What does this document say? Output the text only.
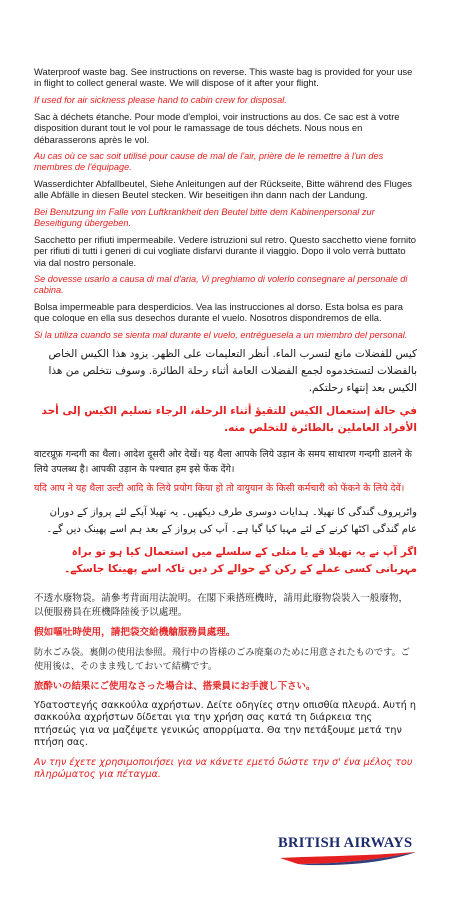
Waterproof waste bag. See instructions on reverse. This waste bag is provided for your use in flight to collect general waste. We will dispose of it after your flight.

If used for air sickness please hand to cabin crew for disposal.

Sac à déchets étanche. Pour mode d'emploi, voir instructions au dos. Ce sac est à votre disposition durant tout le vol pour le ramassage de tous déchets. Nous nous en débarasserons après le vol.

Au cas où ce sac soit utilisé pour cause de mal de l'air, prière de le remettre à l'un des membres de l'équipage.

Wasserdichter Abfallbeutel, Siehe Anleitungen auf der Rückseite, Bitte während des Fluges alle Abfälle in diesen Beutel stecken. Wir beseitigen ihn dann nach der Landung.

Bei Benutzung im Falle von Luftkrankheit den Beutel bitte dem Kabinenpersonal zur Beseitigung übergeben.

Sacchetto per rifiuti impermeabile. Vedere istruzioni sul retro. Questo sacchetto viene fornito per rifiuti di tutti i generi di cui vogliate disfarvi durante il viaggio. Dopo il volo verrà buttato via dal nostro personale.

Se dovesse usarlo a causa di mal d'aria, Vi preghiamo di volerlo consegnare al personale di cabina.

Bolsa impermeable para desperdicios. Vea las instrucciones al dorso. Esta bolsa es para que coloque en ella sus desechos durante el vuelo. Nosotros dispondremos de ella.

Si la utiliza cuando se sienta mal durante el vuelo, entréguesela a un miembro del personal.

كيس للفضلات مانع لتسرب الماء. أنظر التعليمات على الظهر. يزود هذا الكيس الخاص بالفضلات لتستخدموه لجمع الفضلات العامة أثناء رحلة الطائرة. وسوف نتخلص من هذا الكيس بعد إنتهاء رحلتكم.

في حالة إستعمال الكيس للتقيؤ أثناء الرحلة، الرجاء تسليم الكيس إلى أحد الأفراد العاملين بالطائرة للتخلص منه.

वाटरप्रूफ़ गन्दगी का थैला। आदेश दूसरी ओर देखें। यह थैला आपके लिये उड़ान के समय साधारण गन्दगी डालने के लिये उपलब्ध है। आपकी उड़ान के पश्चात हम इसे फेंक देंगे।

यदि आप ने यह थैला उल्टी आदि के लिये प्रयोग किया हो तो वायुयान के किसी कर्मचारी को फेंकने के लिये देवें।

واٹرپروف گندگی کا تھیلا۔ ہدایات دوسری طرف دیکھیں۔ یہ تھیلا آپکے لئے پرواز کے دوران عام گندگی اکٹھا کرنے کے لئے مہیا کیا گیا ہے۔ آپ کی پرواز کے بعد ہم اسے پھینک دیں گے۔

اگر آپ نے یہ تھیلا قے یا متلی کے سلسلے میں استعمال کیا ہو تو براہ مہربانی کسی عملے کے رکن کے حوالے کر دیں تاکہ اسے پھینکا جاسکے۔

不透水廢物袋。請參考背面用法說明。在閣下乘搭班機時，請用此廢物袋裝入一般廢物，以便服務員在班機降陸後予以處理。

假如嘔吐時使用，請把袋交給機艙服務員處理。

防水ごみ袋。裏側の使用法参照。飛行中の皆様のごみ廃棄のために用意されたものです。ご使用後は、そのまま残しておいて結構です。

旅酔いの結果にご使用なさった場合は、搭乗員にお手渡し下さい。

Υδατοστεγής σακκούλα αχρήστων. Δείτε οδηγίες στην οπισθία πλευρά. Αυτή η σακκούλα αχρήστων δίδεται για την χρήση σας κατά τη διάρκεια της πτήσεώς για να μαζέψετε γενικώς απορρίματα. Θα την πετάξουμε μετά την πτήση σας.

Αν την έχετε χρησιμοποιήσει για να κάνετε εμετό δώστε την σ' ένα μέλος του πληρώματος για πέταγμα.

BRITISH AIRWAYS
